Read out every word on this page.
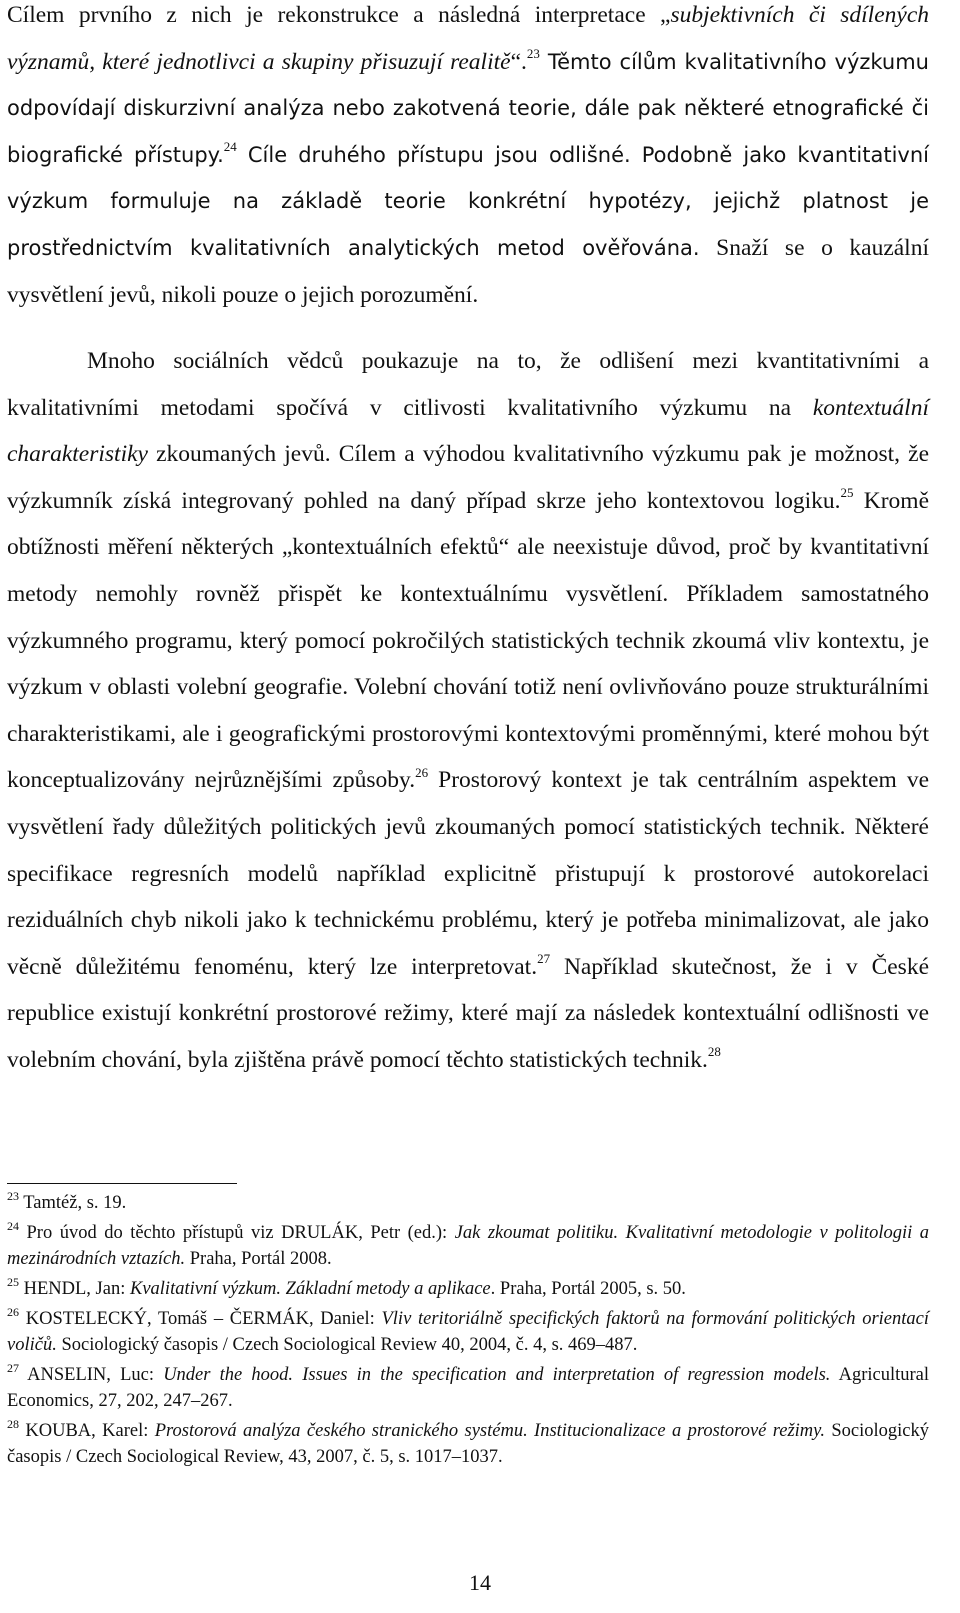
Cílem prvního z nich je rekonstrukce a následná interpretace „subjektivních či sdílených významů, které jednotlivci a skupiny přisuzují realitě“.$^{23}$ Těmto cílům kvalitativního výzkumu odpovídají diskurzivní analýza nebo zakotvená teorie, dále pak některé etnografické či biografické přístupy.$^{24}$ Cíle druhého přístupu jsou odlišné. Podobně jako kvantitativní výzkum formuluje na základě teorie konkrétní hypotézy, jejichž platnost je prostřednictvím kvalitativních analytických metod ověřována. Snaží se o kauzální vysvětlení jevů, nikoli pouze o jejich porozumění.

Mnoho sociálních vědců poukazuje na to, že odlišení mezi kvantitativními a kvalitativními metodami spočívá v citlivosti kvalitativního výzkumu na kontextuální charakteristiky zkoumaných jevů. Cílem a výhodou kvalitativního výzkumu pak je možnost, že výzkumník získá integrovaný pohled na daný případ skrze jeho kontextovou logiku.$^{25}$ Kromě obtížnosti měření některých „kontextuálních efektů“ ale neexistuje důvod, proč by kvantitativní metody nemohly rovněž přispět ke kontextuálnímu vysvětlení. Příkladem samostatného výzkumného programu, který pomocí pokročilých statistických technik zkoumá vliv kontextu, je výzkum v oblasti volební geografie. Volební chování totiž není ovlivňováno pouze strukturálními charakteristikami, ale i geografickými prostorovými kontextovými proměnnými, které mohou být konceptualizovány nejrůznějšími způsoby.$^{26}$ Prostorový kontext je tak centrálním aspektem ve vysvětlení řady důležitých politických jevů zkoumaných pomocí statistických technik. Některé specifikace regresních modelů například explicitně přistupují k prostorové autokorelaci reziduálních chyb nikoli jako k technickému problému, který je potřeba minimalizovat, ale jako věcně důležitému fenoménu, který lze interpretovat.$^{27}$ Například skutečnost, že i v České republice existují konkrétní prostorové režimy, které mají za následek kontextuální odlišnosti ve volebním chování, byla zjištěna právě pomocí těchto statistických technik.$^{28}$

$^{23}$ Tamtéž, s. 19.

$^{24}$ Pro úvod do těchto přístupů viz DRULÁK, Petr (ed.): Jak zkoumat politiku. Kvalitativní metodologie v politologii a mezinárodních vztazích. Praha, Portál 2008.

$^{25}$ HENDL, Jan: Kvalitativní výzkum. Základní metody a aplikace. Praha, Portál 2005, s. 50.

$^{26}$ KOSTELECKÝ, Tomáš – ČERMÁK, Daniel: Vliv teritoriálně specifických faktorů na formování politických orientací voličů. Sociologický časopis / Czech Sociological Review 40, 2004, č. 4, s. 469–487.

$^{27}$ ANSELIN, Luc: Under the hood. Issues in the specification and interpretation of regression models. Agricultural Economics, 27, 202, 247–267.

$^{28}$ KOUBA, Karel: Prostorová analýza českého stranického systému. Institucionalizace a prostorové režimy. Sociologický časopis / Czech Sociological Review, 43, 2007, č. 5, s. 1017–1037.

14
